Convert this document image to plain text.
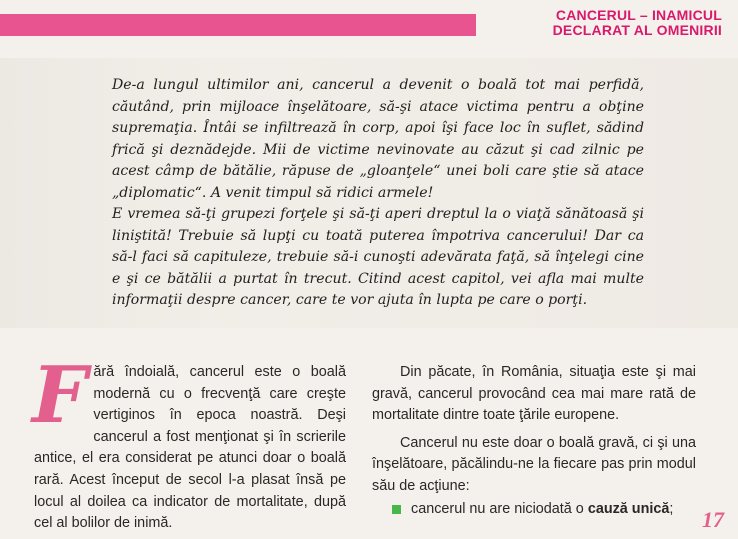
CANCERUL – INAMICUL
DECLARAT AL OMENIRII

De-a lungul ultimilor ani, cancerul a devenit o boală tot mai perfidă, căutând, prin mijloace înşelătoare, să-şi atace victima pentru a obţine supremaţia. Întâi se infiltrează în corp, apoi îşi face loc în suflet, sădind frică şi deznădejde. Mii de victime nevinovate au căzut şi cad zilnic pe acest câmp de bătălie, răpuse de „gloanţele“ unei boli care ştie să atace „diplomatic“. A venit timpul să ridici armele!

E vremea să-ţi grupezi forţele şi să-ţi aperi dreptul la o viaţă sănătoasă şi liniştită! Trebuie să lupţi cu toată puterea împotriva cancerului! Dar ca să-l faci să capituleze, trebuie să-i cunoşti adevărata faţă, să înţelegi cine e şi ce bătălii a purtat în trecut. Citind acest capitol, vei afla mai multe informaţii despre cancer, care te vor ajuta în lupta pe care o porţi.

Fără îndoială, cancerul este o boală modernă cu o frecvenţă care creşte vertiginos în epoca noastră. Deşi cancerul a fost menţionat şi în scrierile antice, el era considerat pe atunci doar o boală rară. Acest început de secol l-a plasat însă pe locul al doilea ca indicator de mortalitate, după cel al bolilor de inimă.

Din păcate, în România, situaţia este şi mai gravă, cancerul provocând cea mai mare rată de mortalitate dintre toate ţările europene.

Cancerul nu este doar o boală gravă, ci şi una înşelătoare, păcălindu-ne la fiecare pas prin modul său de acţiune:

cancerul nu are niciodată o cauză unică; 17
